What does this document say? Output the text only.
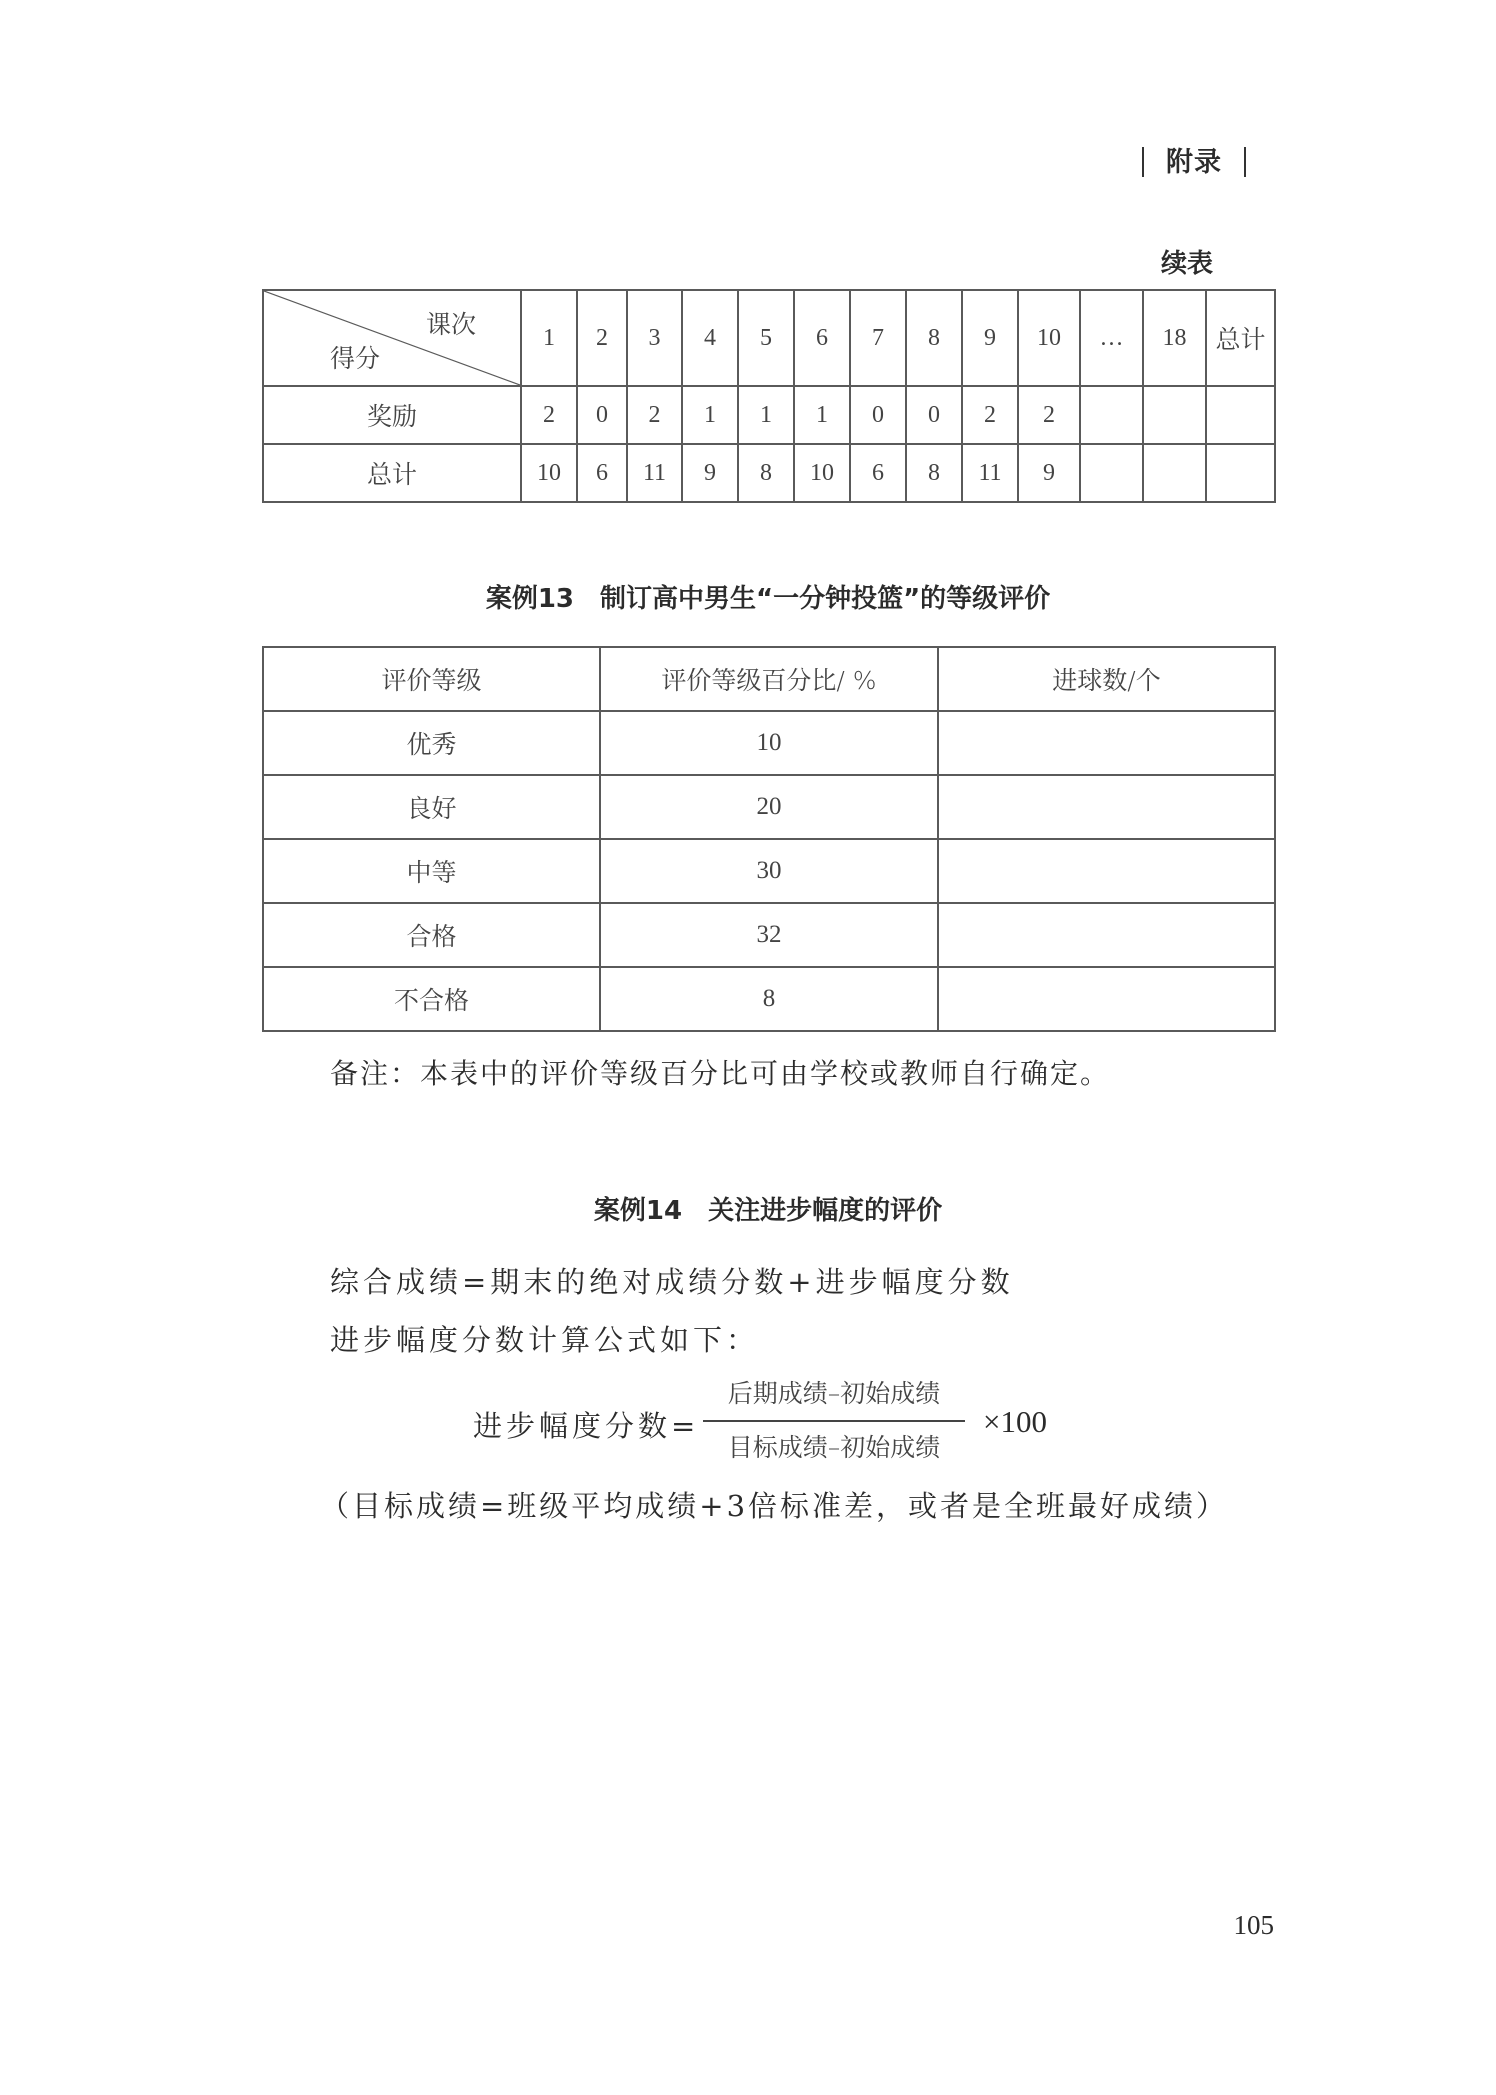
附录
续表
课次
得分	1	2	3	4	5	6	7	8	9	10	…	18	总计
奖励	2	0	2	1	1	1	0	0	2	2			
总计	10	6	11	9	8	10	6	8	11	9			
案例13　制订高中男生“一分钟投篮”的等级评价
评价等级	评价等级百分比/ %	进球数/个
优秀	10	
良好	20	
中等	30	
合格	32	
不合格	8	
备注：本表中的评价等级百分比可由学校或教师自行确定。
案例14　关注进步幅度的评价
综合成绩=期末的绝对成绩分数+进步幅度分数
进步幅度分数计算公式如下：
进步幅度分数=
后期成绩–初始成绩
目标成绩–初始成绩
×100
（目标成绩=班级平均成绩+3倍标准差，或者是全班最好成绩）
105
